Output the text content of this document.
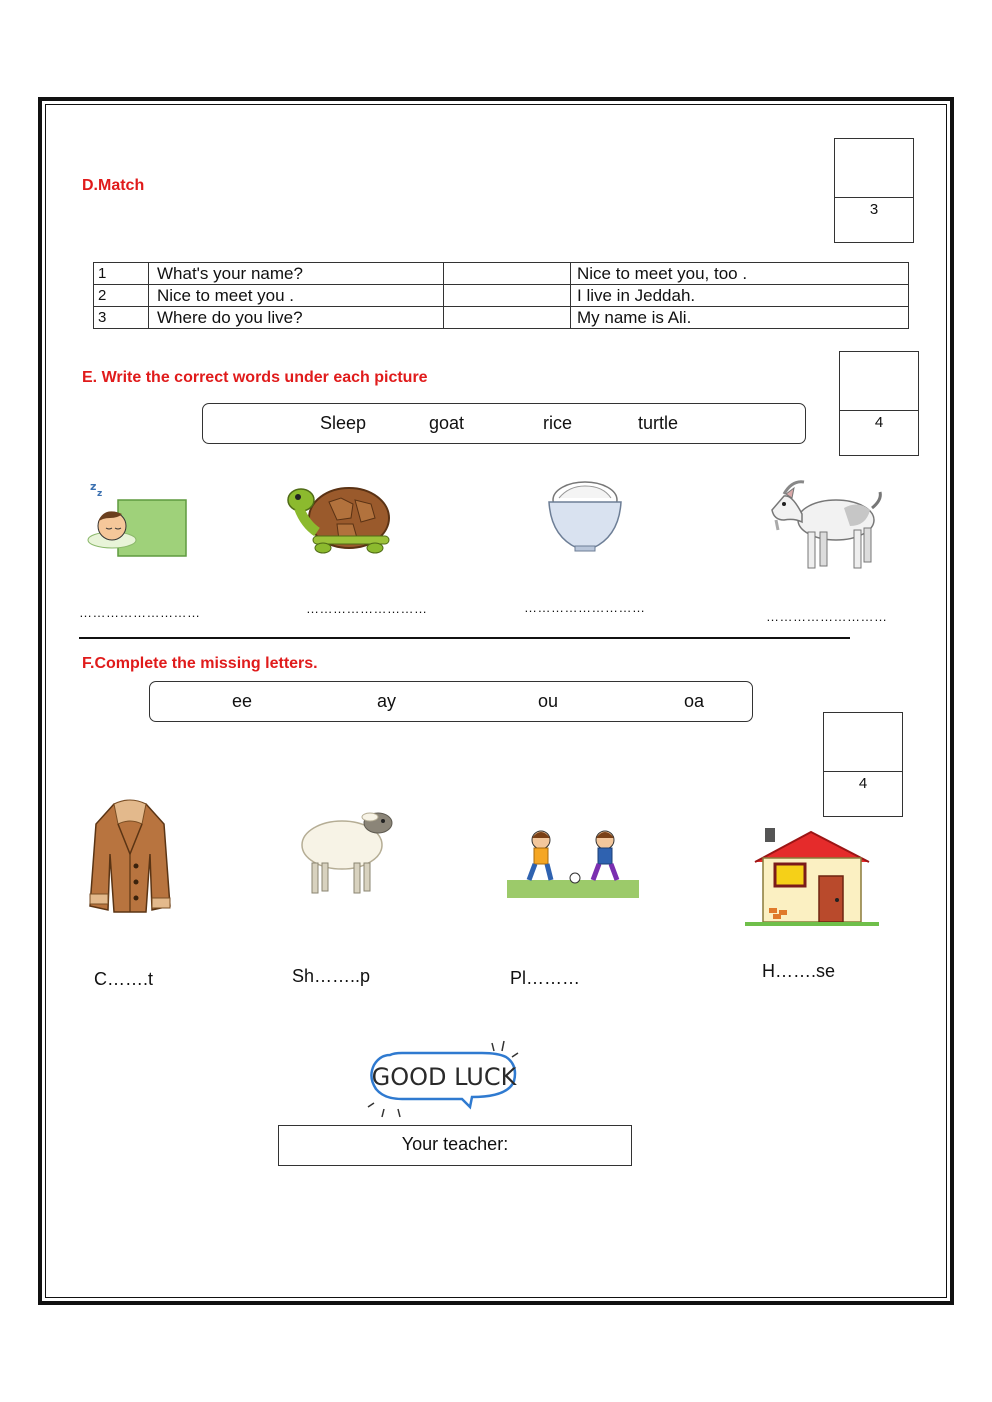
D.Match
3
1	What's your name?		Nice to meet you, too .
2	Nice to meet you .		I live in Jeddah.
3	Where do you live?		My name is Ali.
E. Write the correct words under each picture
4
Sleep	goat	rice	turtle
z
z
………………………	………………………	………………………
………………………
F.Complete the missing letters.
ee	ay	ou	oa
4
C…….t	Sh……..p	Pl………	H…….se
GOOD LUCK
Your teacher:
